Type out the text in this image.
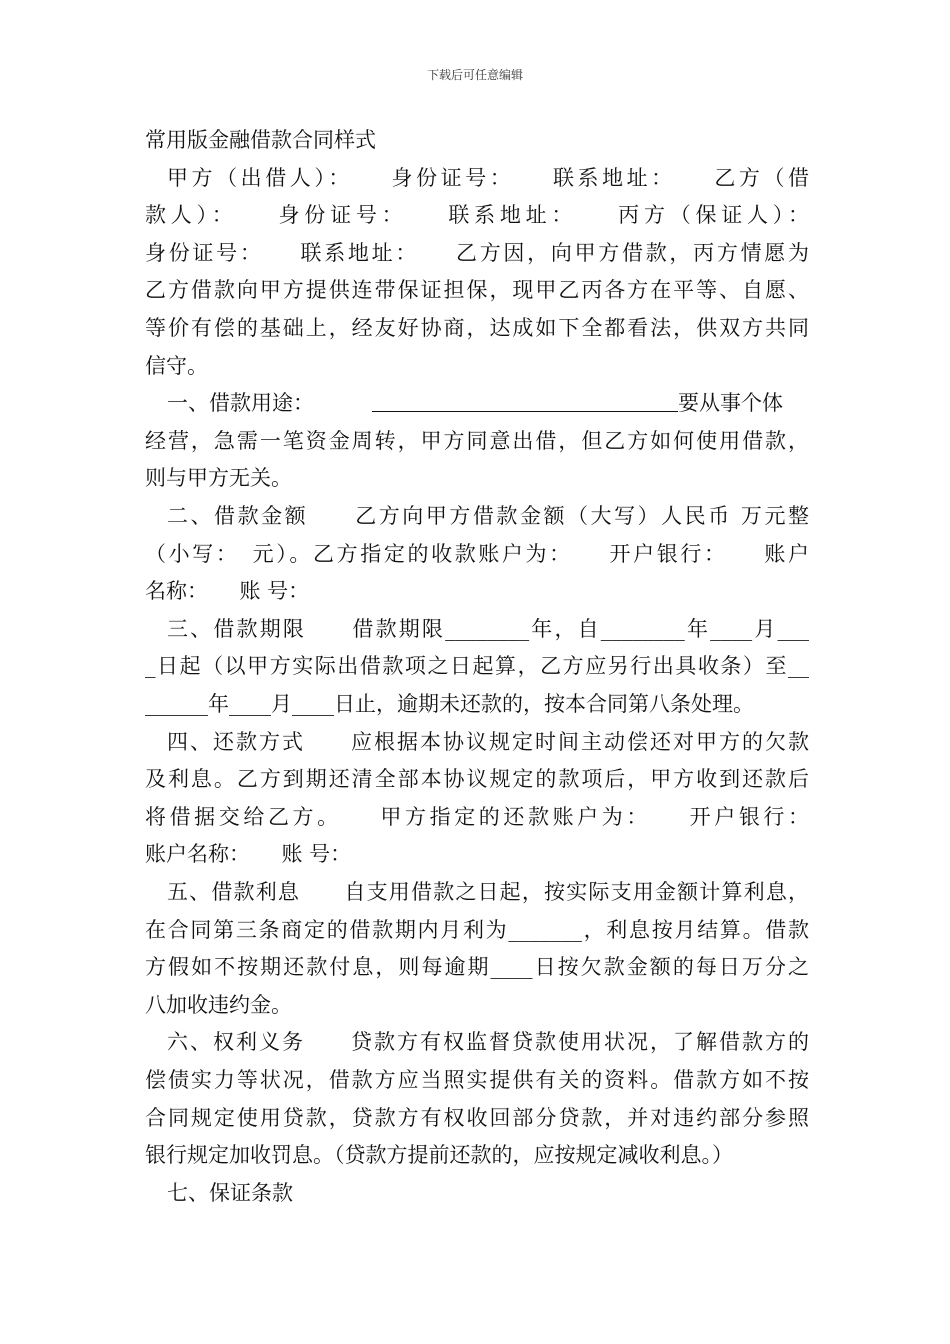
下载后可任意编辑
常用版金融借款合同样式
甲方（出借人）：　　身份证号：　　联系地址：　　乙方（借
款人）：　　身份证号：　　联系地址：　　丙方（保证人）：
身份证号：　　联系地址：　　乙方因，向甲方借款，丙方情愿为
乙方借款向甲方提供连带保证担保，现甲乙丙各方在平等、自愿、
等价有偿的基础上，经友好协商，达成如下全都看法，供双方共同
信守。
一、借款用途：	要从事个体
经营，急需一笔资金周转，甲方同意出借，但乙方如何使用借款，
则与甲方无关。
二、借款金额　　乙方向甲方借款金额（大写）人民币 万元整
（小写：　元）。乙方指定的收款账户为：　　开户银行：　　账户
名称：　　账 号：
三、借款期限　　借款期限________年，自________年____月___
_日起（以甲方实际出借款项之日起算，乙方应另行出具收条）至__
______年____月____日止，逾期未还款的，按本合同第八条处理。
四、还款方式　　应根据本协议规定时间主动偿还对甲方的欠款
及利息。乙方到期还清全部本协议规定的款项后，甲方收到还款后
将借据交给乙方。　　甲方指定的还款账户为：　　开户银行：
账户名称：　　账 号：
五、借款利息　　自支用借款之日起，按实际支用金额计算利息，
在合同第三条商定的借款期内月利为_______，利息按月结算。借款
方假如不按期还款付息，则每逾期____日按欠款金额的每日万分之
八加收违约金。
六、权利义务　　贷款方有权监督贷款使用状况，了解借款方的
偿债实力等状况，借款方应当照实提供有关的资料。借款方如不按
合同规定使用贷款，贷款方有权收回部分贷款，并对违约部分参照
银行规定加收罚息。（贷款方提前还款的，应按规定减收利息。）
七、保证条款
